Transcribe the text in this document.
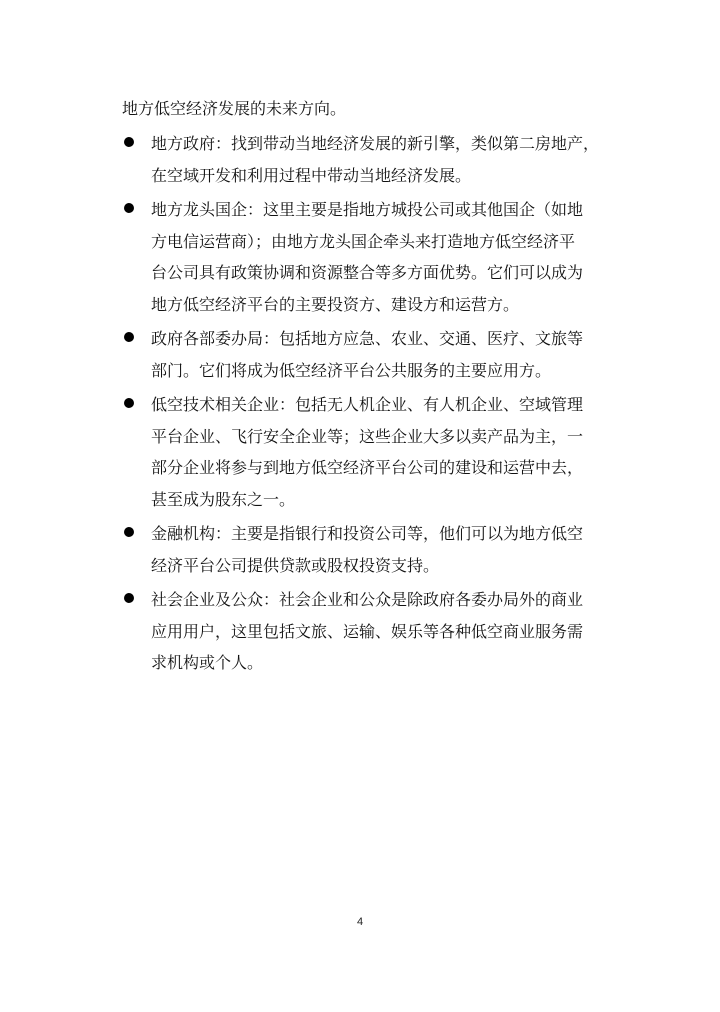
地方低空经济发展的未来方向。
地方政府：找到带动当地经济发展的新引擎，类似第二房地产，
在空域开发和利用过程中带动当地经济发展。
地方龙头国企：这里主要是指地方城投公司或其他国企（如地
方电信运营商）；由地方龙头国企牵头来打造地方低空经济平
台公司具有政策协调和资源整合等多方面优势。它们可以成为
地方低空经济平台的主要投资方、建设方和运营方。
政府各部委办局：包括地方应急、农业、交通、医疗、文旅等
部门。它们将成为低空经济平台公共服务的主要应用方。
低空技术相关企业：包括无人机企业、有人机企业、空域管理
平台企业、飞行安全企业等；这些企业大多以卖产品为主，一
部分企业将参与到地方低空经济平台公司的建设和运营中去，
甚至成为股东之一。
金融机构：主要是指银行和投资公司等，他们可以为地方低空
经济平台公司提供贷款或股权投资支持。
社会企业及公众：社会企业和公众是除政府各委办局外的商业
应用用户，这里包括文旅、运输、娱乐等各种低空商业服务需
求机构或个人。
4
